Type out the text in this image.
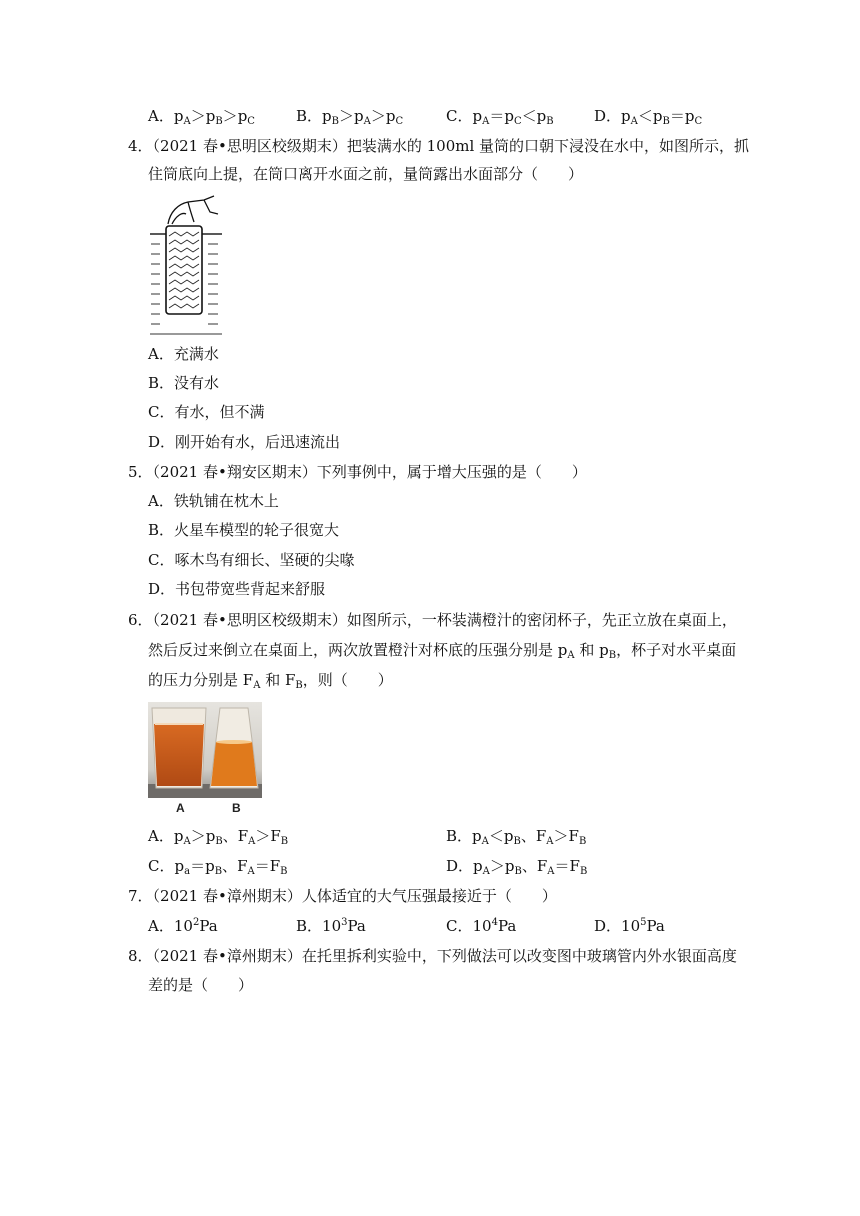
A．$p_A>p_B>p_C$	B．$p_B>p_A>p_C$	C．$p_A=p_C<p_B$	D．$p_A<p_B=p_C$
4．（2021 春•思明区校级期末）把装满水的 100ml 量筒的口朝下浸没在水中，如图所示，抓
住筒底向上提，在筒口离开水面之前，量筒露出水面部分（　　）
A．充满水
B．没有水
C．有水，但不满
D．刚开始有水，后迅速流出
5．（2021 春•翔安区期末）下列事例中，属于增大压强的是（　　）
A．铁轨铺在枕木上
B．火星车模型的轮子很宽大
C．啄木鸟有细长、坚硬的尖喙
D．书包带宽些背起来舒服
6．（2021 春•思明区校级期末）如图所示，一杯装满橙汁的密闭杯子，先正立放在桌面上，
然后反过来倒立在桌面上，两次放置橙汁对杯底的压强分别是 $p_A$ 和 $p_B$，杯子对水平桌面
的压力分别是 $F_A$ 和 $F_B$，则（　　）
A	B
A．$p_A>p_B$、$F_A>F_B$	B．$p_A<p_B$、$F_A>F_B$
C．$p_a=p_B$、$F_A=F_B$	D．$p_A>p_B$、$F_A=F_B$
7．（2021 春•漳州期末）人体适宜的大气压强最接近于（　　）
A．$10^2Pa$	B．$10^3Pa$	C．$10^4Pa$	D．$10^5Pa$
8．（2021 春•漳州期末）在托里拆利实验中，下列做法可以改变图中玻璃管内外水银面高度
差的是（　　）
